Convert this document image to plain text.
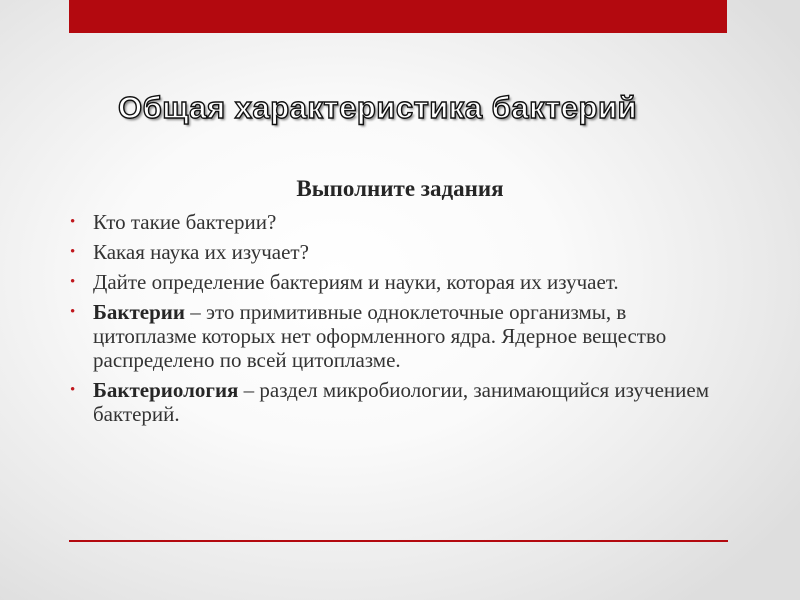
Общая характеристика бактерий
Выполните задания
• Кто такие бактерии?
• Какая наука их изучает?
• Дайте определение бактериям и науки, которая их изучает.
• Бактерии – это примитивные одноклеточные организмы, в цитоплазме которых нет оформленного ядра. Ядерное вещество распределено по всей цитоплазме.
• Бактериология – раздел микробиологии, занимающийся изучением бактерий.
